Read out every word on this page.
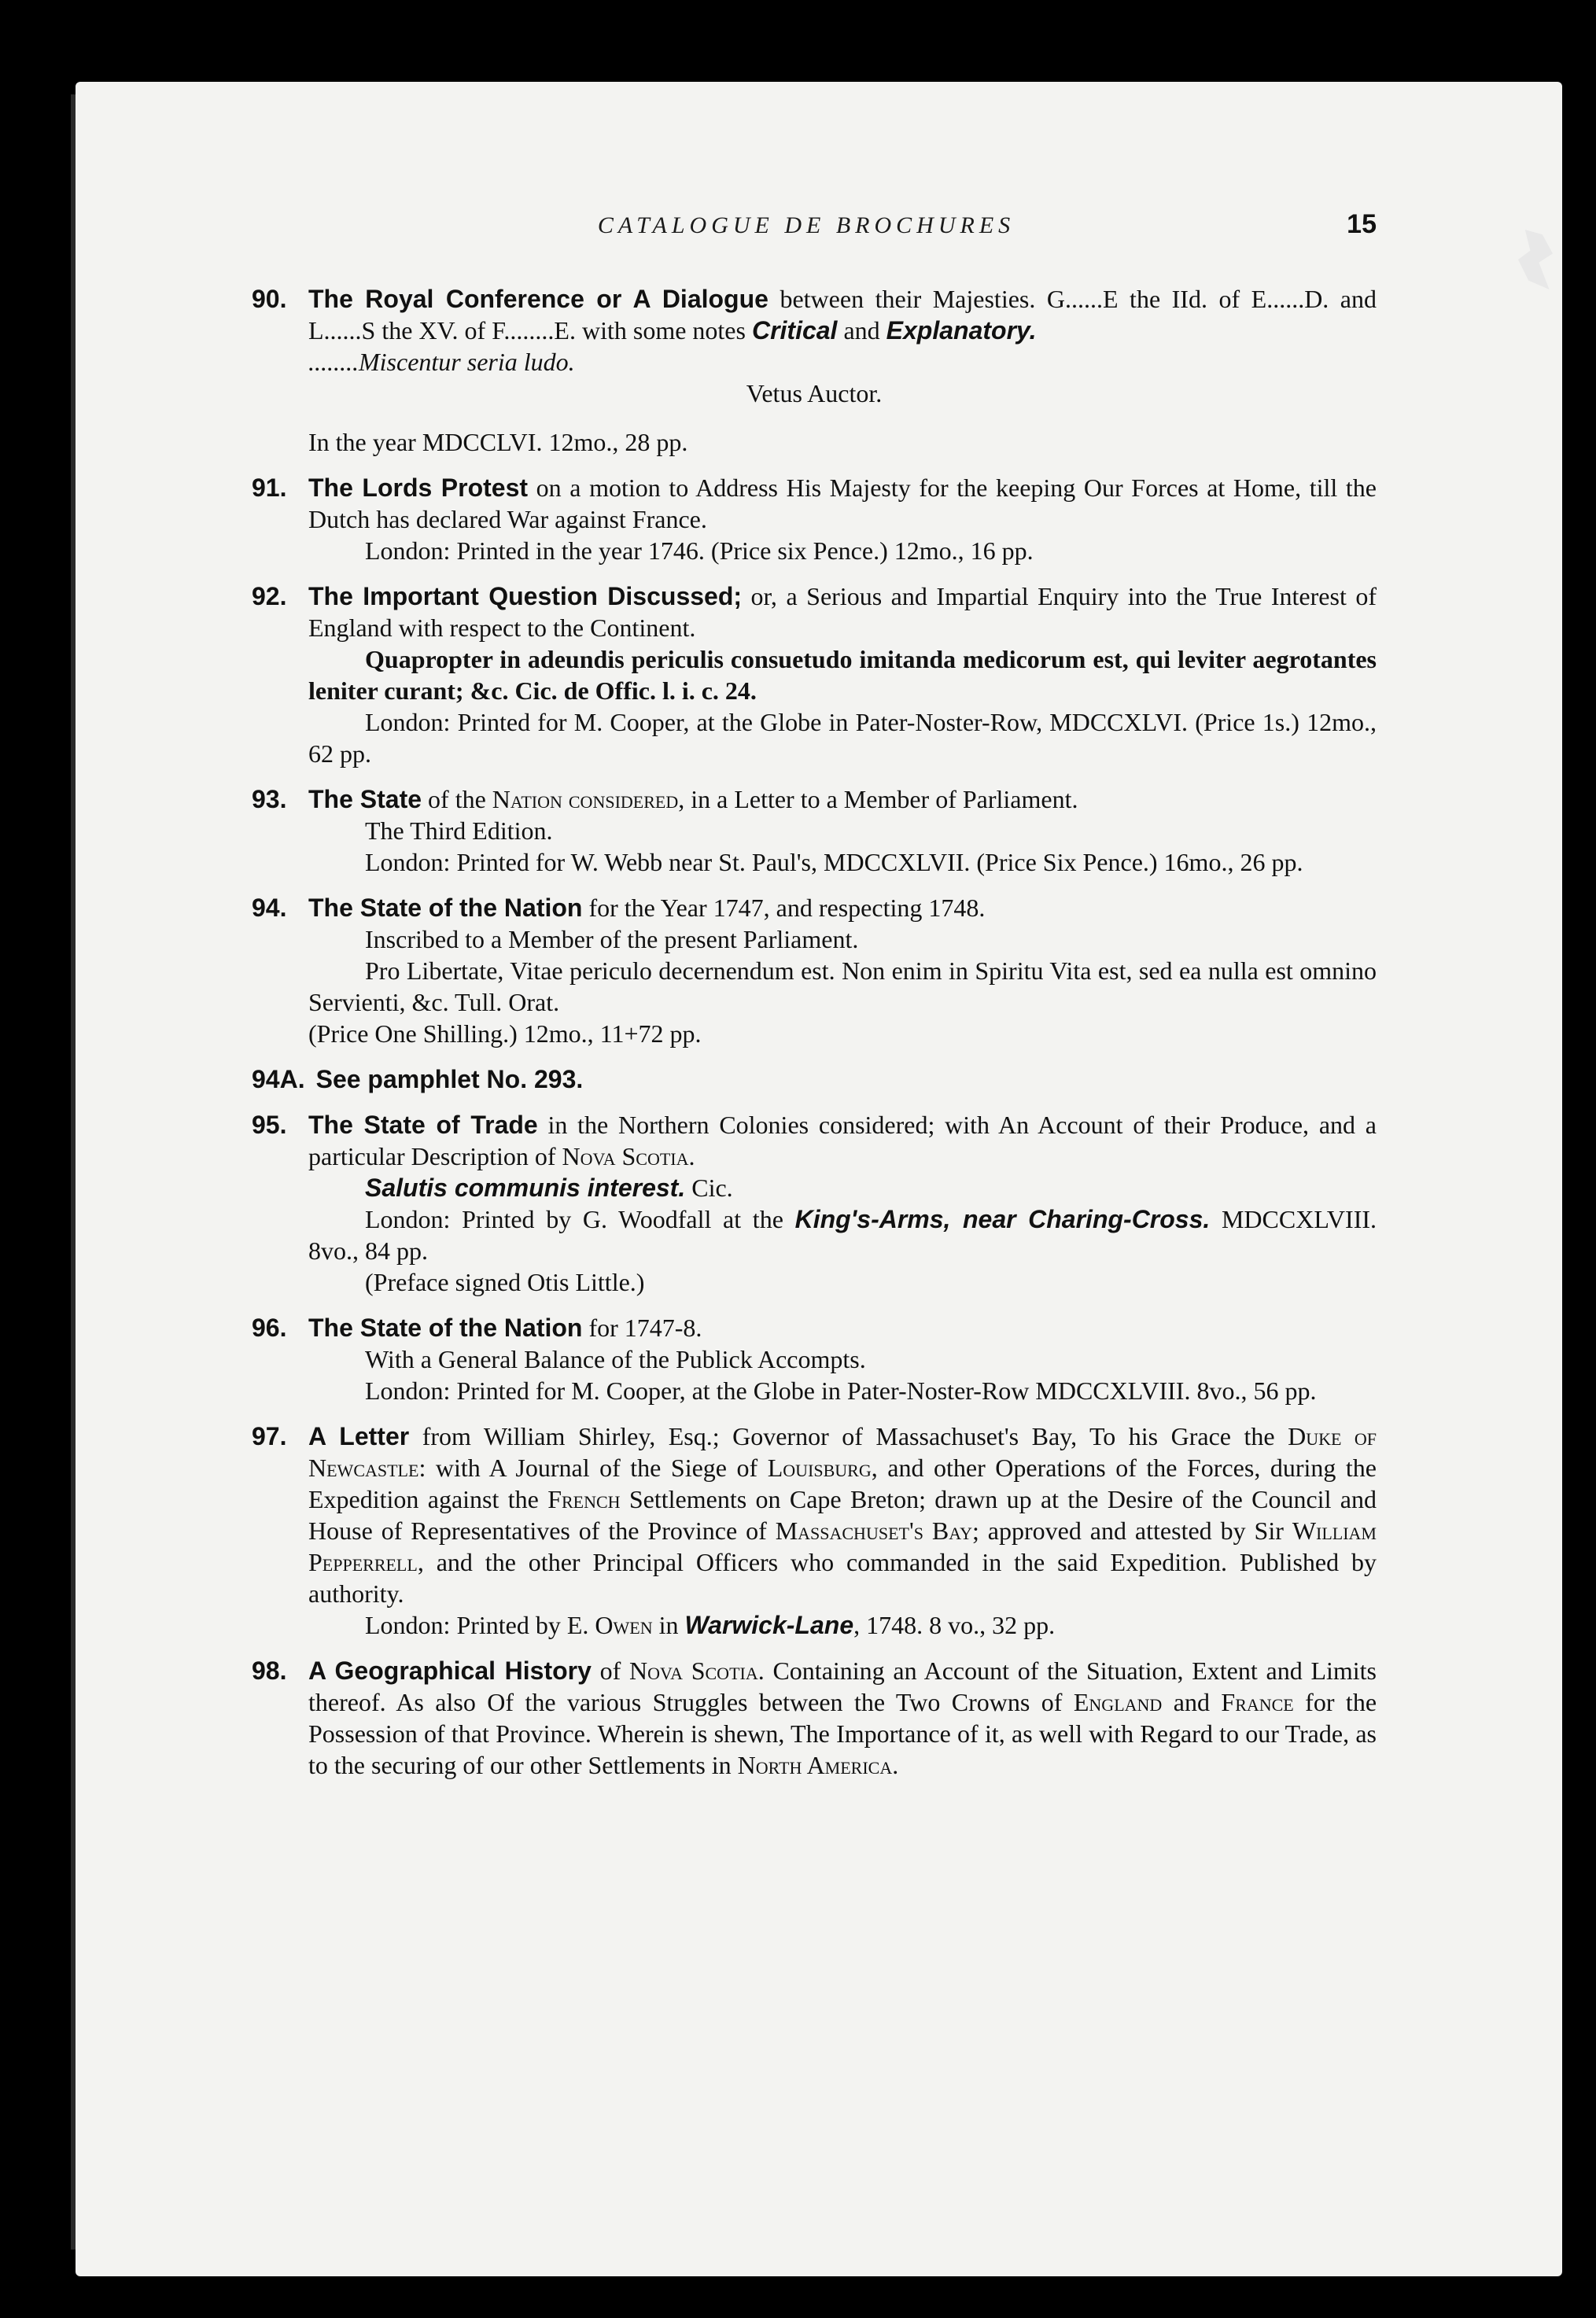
CATALOGUE DE BROCHURES	15

90. The Royal Conference or A Dialogue between their Majesties. G......E the IId. of E......D. and L......S the XV. of F........E. with some notes Critical and Explanatory.

........Miscentur seria ludo.

Vetus Auctor.

In the year MDCCLVI. 12mo., 28 pp.

91. The Lords Protest on a motion to Address His Majesty for the keeping Our Forces at Home, till the Dutch has declared War against France.

London: Printed in the year 1746. (Price six Pence.) 12mo., 16 pp.

92. The Important Question Discussed; or, a Serious and Impartial Enquiry into the True Interest of England with respect to the Continent.

Quapropter in adeundis periculis consuetudo imitanda medicorum est, qui leviter aegrotantes leniter curant; &c. Cic. de Offic. l. i. c. 24.

London: Printed for M. Cooper, at the Globe in Pater-Noster-Row, MDCCXLVI. (Price 1s.) 12mo., 62 pp.

93. The State of the Nation considered, in a Letter to a Member of Parliament.

The Third Edition.

London: Printed for W. Webb near St. Paul's, MDCCXLVII. (Price Six Pence.) 16mo., 26 pp.

94. The State of the Nation for the Year 1747, and respecting 1748.

Inscribed to a Member of the present Parliament.

Pro Libertate, Vitae periculo decernendum est. Non enim in Spiritu Vita est, sed ea nulla est omnino Servienti, &c. Tull. Orat.

(Price One Shilling.) 12mo., 11+72 pp.

94A. See pamphlet No. 293.

95. The State of Trade in the Northern Colonies considered; with An Account of their Produce, and a particular Description of Nova Scotia.

Salutis communis interest. Cic.

London: Printed by G. Woodfall at the King's-Arms, near Charing-Cross. MDCCXLVIII. 8vo., 84 pp.

(Preface signed Otis Little.)

96. The State of the Nation for 1747-8.

With a General Balance of the Publick Accompts.

London: Printed for M. Cooper, at the Globe in Pater-Noster-Row MDCCXLVIII. 8vo., 56 pp.

97. A Letter from William Shirley, Esq.; Governor of Massachuset's Bay, To his Grace the Duke of Newcastle: with A Journal of the Siege of Louisburg, and other Operations of the Forces, during the Expedition against the French Settlements on Cape Breton; drawn up at the Desire of the Council and House of Representatives of the Province of Massachuset's Bay; approved and attested by Sir William Pepperrell, and the other Principal Officers who commanded in the said Expedition. Published by authority.

London: Printed by E. Owen in Warwick-Lane, 1748. 8 vo., 32 pp.

98. A Geographical History of Nova Scotia. Containing an Account of the Situation, Extent and Limits thereof. As also Of the various Struggles between the Two Crowns of England and France for the Possession of that Province. Wherein is shewn, The Importance of it, as well with Regard to our Trade, as to the securing of our other Settlements in North America.
